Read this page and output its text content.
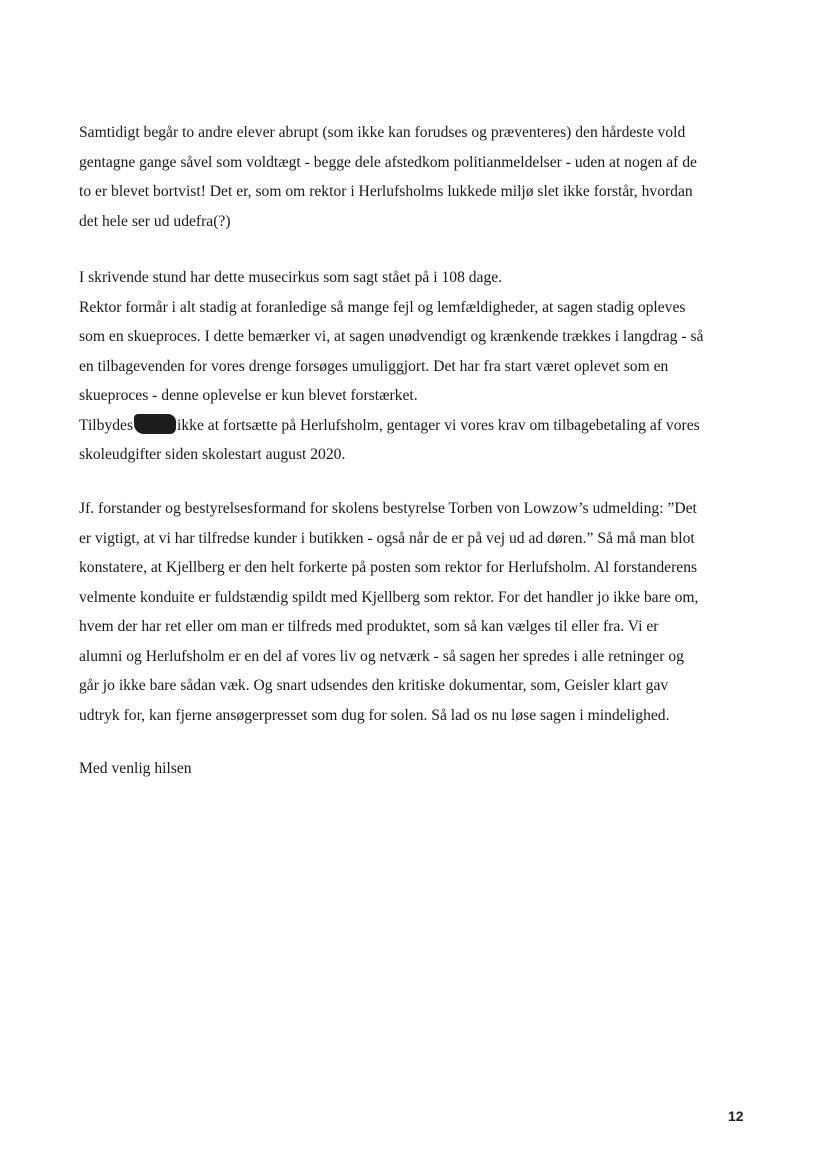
Samtidigt begår to andre elever abrupt (som ikke kan forudses og præventeres) den hårdeste vold
gentagne gange såvel som voldtægt - begge dele afstedkom politianmeldelser - uden at nogen af de
to er blevet bortvist! Det er, som om rektor i Herlufsholms lukkede miljø slet ikke forstår, hvordan
det hele ser ud udefra(?)
I skrivende stund har dette musecirkus som sagt stået på i 108 dage.
Rektor formår i alt stadig at foranledige så mange fejl og lemfældigheder, at sagen stadig opleves
som en skueproces. I dette bemærker vi, at sagen unødvendigt og krænkende trækkes i langdrag - så
en tilbagevenden for vores drenge forsøges umuliggjort. Det har fra start været oplevet som en
skueproces - denne oplevelse er kun blevet forstærket.
Tilbydes	ikke at fortsætte på Herlufsholm, gentager vi vores krav om tilbagebetaling af vores
skoleudgifter siden skolestart august 2020.
Jf. forstander og bestyrelsesformand for skolens bestyrelse Torben von Lowzow’s udmelding: ”Det
er vigtigt, at vi har tilfredse kunder i butikken - også når de er på vej ud ad døren.” Så må man blot
konstatere, at Kjellberg er den helt forkerte på posten som rektor for Herlufsholm. Al forstanderens
velmente konduite er fuldstændig spildt med Kjellberg som rektor. For det handler jo ikke bare om,
hvem der har ret eller om man er tilfreds med produktet, som så kan vælges til eller fra. Vi er
alumni og Herlufsholm er en del af vores liv og netværk - så sagen her spredes i alle retninger og
går jo ikke bare sådan væk. Og snart udsendes den kritiske dokumentar, som, Geisler klart gav
udtryk for, kan fjerne ansøgerpresset som dug for solen. Så lad os nu løse sagen i mindelighed.
Med venlig hilsen
12
